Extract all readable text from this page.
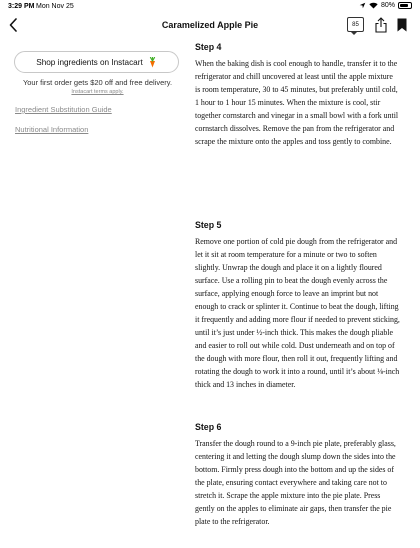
3:29 PM Mon Nov 25	80%
Caramelized Apple Pie	85
Shop ingredients on Instacart
Your first order gets $20 off and free delivery.
Instacart terms apply.
Ingredient Substitution Guide
Nutritional Information
Step 4

When the baking dish is cool enough to handle, transfer it to the refrigerator and chill uncovered at least until the apple mixture is room temperature, 30 to 45 minutes, but preferably until cold, 1 hour to 1 hour 15 minutes. When the mixture is cool, stir together cornstarch and vinegar in a small bowl with a fork until cornstarch dissolves. Remove the pan from the refrigerator and scrape the mixture onto the apples and toss gently to combine.

Step 5

Remove one portion of cold pie dough from the refrigerator and let it sit at room temperature for a minute or two to soften slightly. Unwrap the dough and place it on a lightly floured surface. Use a rolling pin to beat the dough evenly across the surface, applying enough force to leave an imprint but not enough to crack or splinter it. Continue to beat the dough, lifting it frequently and adding more flour if needed to prevent sticking, until it’s just under ½-inch thick. This makes the dough pliable and easier to roll out while cold. Dust underneath and on top of the dough with more flour, then roll it out, frequently lifting and rotating the dough to work it into a round, until it’s about ⅛-inch thick and 13 inches in diameter.

Step 6

Transfer the dough round to a 9-inch pie plate, preferably glass, centering it and letting the dough slump down the sides into the bottom. Firmly press dough into the bottom and up the sides of the plate, ensuring contact everywhere and taking care not to stretch it. Scrape the apple mixture into the pie plate. Press gently on the apples to eliminate air gaps, then transfer the pie plate to the refrigerator.
